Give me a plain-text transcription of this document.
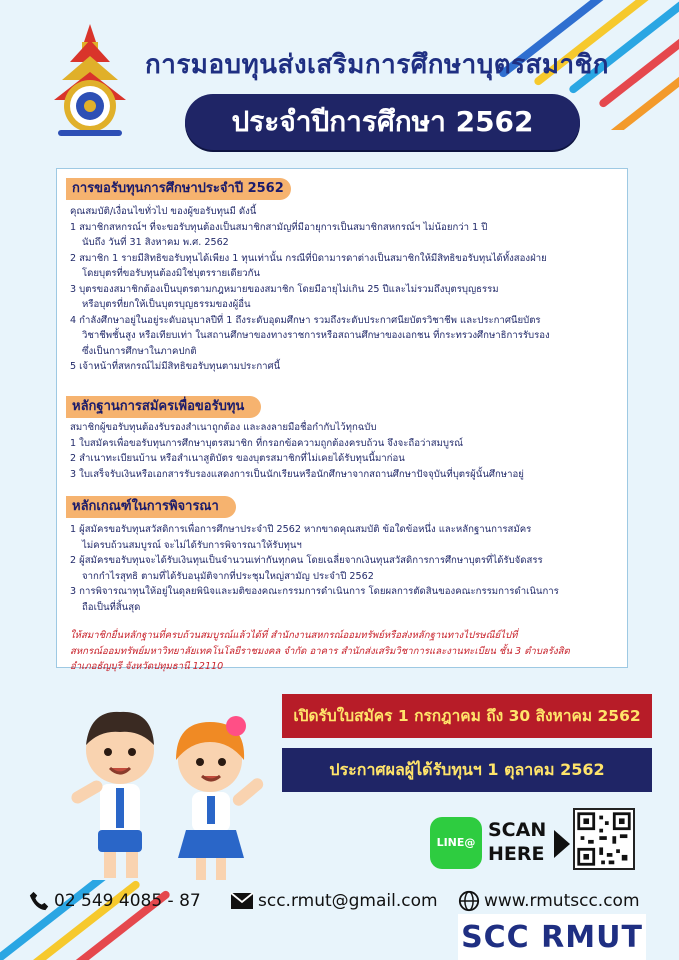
การมอบทุนส่งเสริมการศึกษาบุตรสมาชิก
ประจำปีการศึกษา 2562
การขอรับทุนการศึกษาประจำปี 2562

คุณสมบัติ/เงื่อนไขทั่วไป ของผู้ขอรับทุนมี ดังนี้

1 สมาชิกสหกรณ์ฯ ที่จะขอรับทุนต้องเป็นสมาชิกสามัญที่มีอายุการเป็นสมาชิกสหกรณ์ฯ ไม่น้อยกว่า 1 ปี

นับถึง วันที่ 31 สิงหาคม พ.ศ. 2562

2 สมาชิก 1 รายมีสิทธิขอรับทุนได้เพียง 1 ทุนเท่านั้น กรณีที่บิดามารดาต่างเป็นสมาชิกให้มีสิทธิขอรับทุนได้ทั้งสองฝ่าย

โดยบุตรที่ขอรับทุนต้องมิใช่บุตรรายเดียวกัน

3 บุตรของสมาชิกต้องเป็นบุตรตามกฎหมายของสมาชิก โดยมีอายุไม่เกิน 25 ปีและไม่รวมถึงบุตรบุญธรรม

หรือบุตรที่ยกให้เป็นบุตรบุญธรรมของผู้อื่น

4 กำลังศึกษาอยู่ในอยู่ระดับอนุบาลปีที่ 1 ถึงระดับอุดมศึกษา รวมถึงระดับประกาศนียบัตรวิชาชีพ และประกาศนียบัตร

วิชาชีพชั้นสูง หรือเทียบเท่า ในสถานศึกษาของทางราชการหรือสถานศึกษาของเอกชน ที่กระทรวงศึกษาธิการรับรอง

ซึ่งเป็นการศึกษาในภาคปกติ

5 เจ้าหน้าที่สหกรณ์ไม่มีสิทธิขอรับทุนตามประกาศนี้

หลักฐานการสมัครเพื่อขอรับทุน

สมาชิกผู้ขอรับทุนต้องรับรองสำเนาถูกต้อง และลงลายมือชื่อกำกับไว้ทุกฉบับ

1 ใบสมัครเพื่อขอรับทุนการศึกษาบุตรสมาชิก ที่กรอกข้อความถูกต้องครบถ้วน จึงจะถือว่าสมบูรณ์

2 สำเนาทะเบียนบ้าน หรือสำเนาสูติบัตร ของบุตรสมาชิกที่ไม่เคยได้รับทุนนี้มาก่อน

3 ใบเสร็จรับเงินหรือเอกสารรับรองแสดงการเป็นนักเรียนหรือนักศึกษาจากสถานศึกษาปัจจุบันที่บุตรผู้นั้นศึกษาอยู่

หลักเกณฑ์ในการพิจารณา

1 ผู้สมัครขอรับทุนสวัสดิการเพื่อการศึกษาประจำปี 2562 หากขาดคุณสมบัติ ข้อใดข้อหนึ่ง และหลักฐานการสมัคร

ไม่ครบถ้วนสมบูรณ์ จะไม่ได้รับการพิจารณาให้รับทุนฯ

2 ผู้สมัครขอรับทุนจะได้รับเงินทุนเป็นจำนวนเท่ากันทุกคน โดยเฉลี่ยจากเงินทุนสวัสดิการการศึกษาบุตรที่ได้รับจัดสรร

จากกำไรสุทธิ ตามที่ได้รับอนุมัติจากที่ประชุมใหญ่สามัญ ประจำปี 2562

3 การพิจารณาทุนให้อยู่ในดุลยพินิจและมติของคณะกรรมการดำเนินการ โดยผลการตัดสินของคณะกรรมการดำเนินการ

ถือเป็นที่สิ้นสุด

ให้สมาชิกยื่นหลักฐานที่ครบถ้วนสมบูรณ์แล้วได้ที่ สำนักงานสหกรณ์ออมทรัพย์หรือส่งหลักฐานทางไปรษณีย์ไปที่

สหกรณ์ออมทรัพย์มหาวิทยาลัยเทคโนโลยีราชมงคล จำกัด อาคาร สำนักส่งเสริมวิชาการและงานทะเบียน ชั้น 3 ตำบลรังสิต

อำเภอธัญบุรี จังหวัดปทุมธานี 12110

เปิดรับใบสมัคร 1 กรกฎาคม ถึง 30 สิงหาคม 2562
ประกาศผลผู้ได้รับทุนฯ 1 ตุลาคม 2562
LINE@
SCAN
HERE
02 549 4085 - 87	scc.rmut@gmail.com	www.rmutscc.com
SCC RMUT
